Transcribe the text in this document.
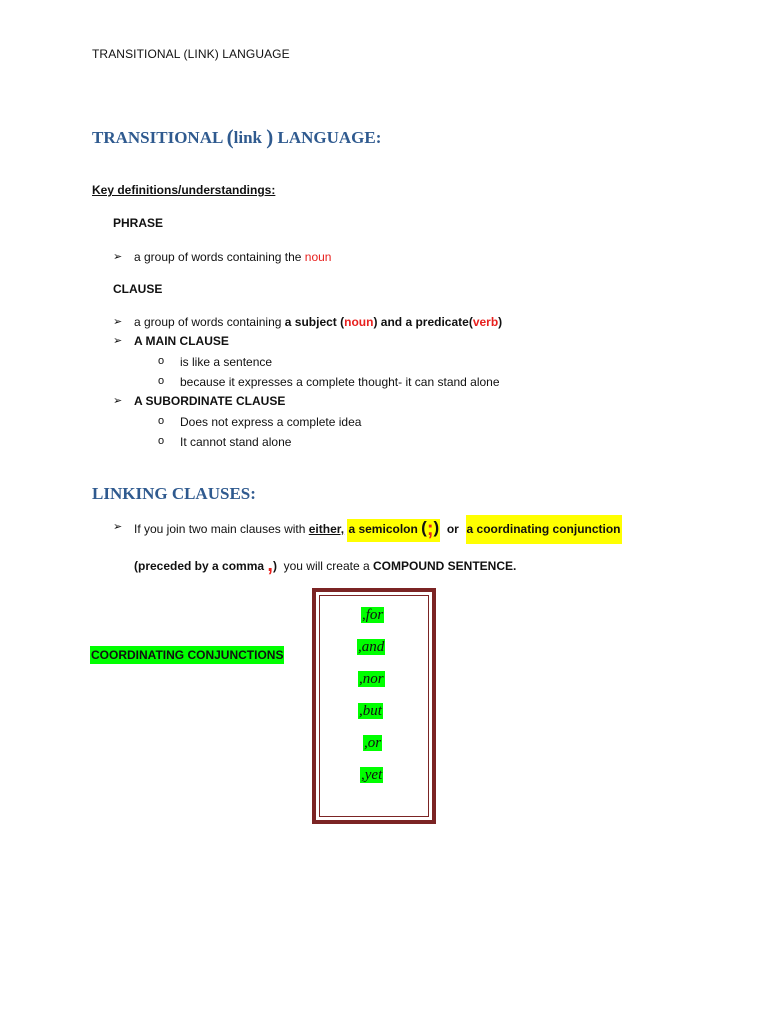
TRANSITIONAL (LINK) LANGUAGE
TRANSITIONAL (link ) LANGUAGE:
Key definitions/understandings:
PHRASE
➢ a group of words containing the noun
CLAUSE
➢ a group of words containing a subject (noun) and a predicate(verb)
➢ A MAIN CLAUSE
o is like a sentence
o because it expresses a complete thought- it can stand alone
➢ A SUBORDINATE CLAUSE
o Does not express a complete idea
o It cannot stand alone
LINKING CLAUSES:
➢ If you join two main clauses with either, a semicolon (;)  or  a coordinating conjunction
(preceded by a comma ,)  you will create a COMPOUND SENTENCE.
COORDINATING CONJUNCTIONS
,for
,and
,nor
,but
,or
,yet
